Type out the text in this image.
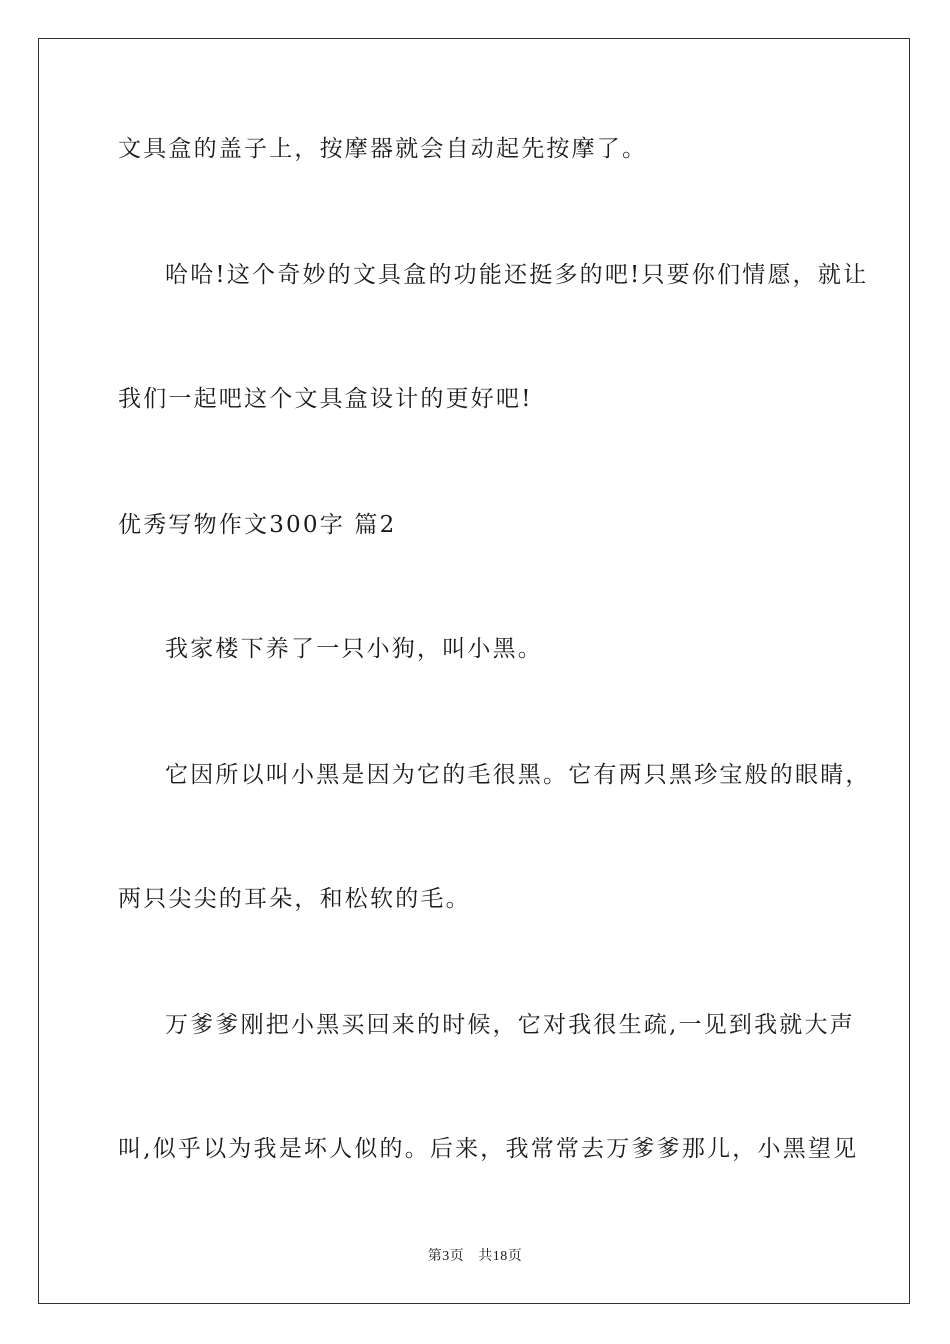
文具盒的盖子上，按摩器就会自动起先按摩了。
哈哈!这个奇妙的文具盒的功能还挺多的吧!只要你们情愿，就让
我们一起吧这个文具盒设计的更好吧!
优秀写物作文300字 篇2
我家楼下养了一只小狗，叫小黑。
它因所以叫小黑是因为它的毛很黑。它有两只黑珍宝般的眼睛，
两只尖尖的耳朵，和松软的毛。
万爹爹刚把小黑买回来的时候，它对我很生疏,一见到我就大声
叫,似乎以为我是坏人似的。后来，我常常去万爹爹那儿，小黑望见
第3页 共18页
